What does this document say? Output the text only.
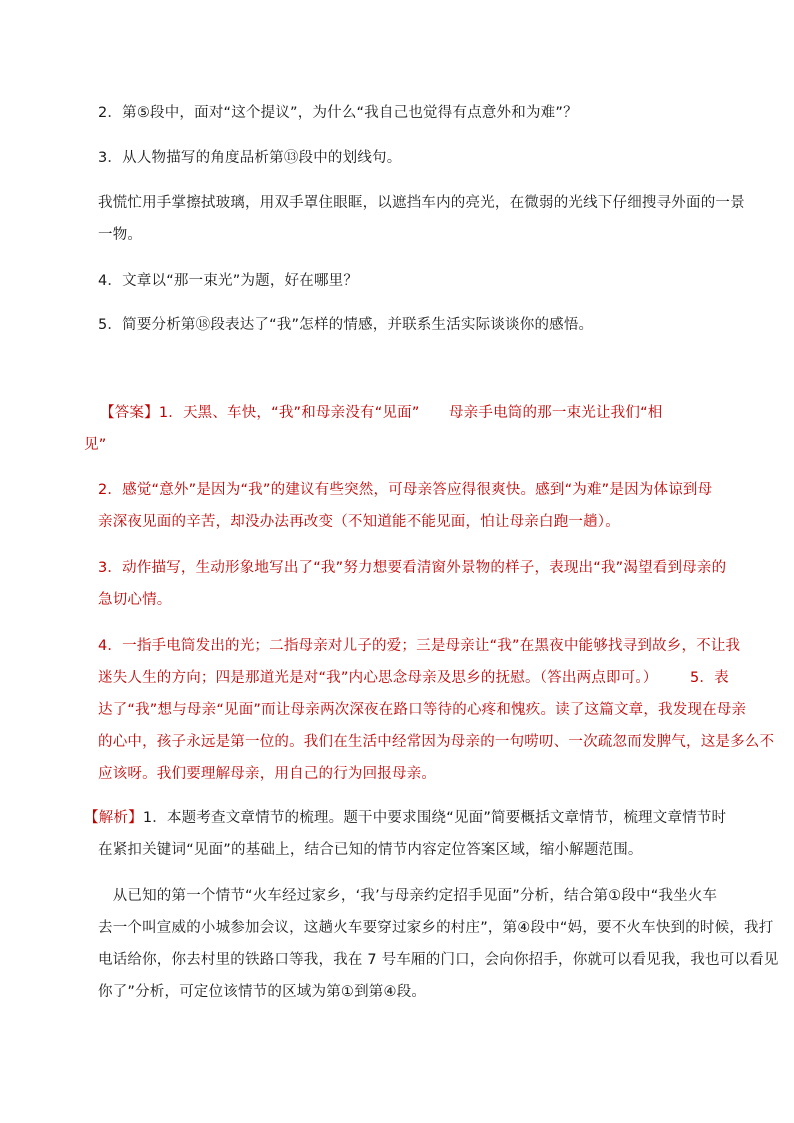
2．第⑤段中，面对“这个提议”，为什么“我自己也觉得有点意外和为难”？

3．从人物描写的角度品析第⑬段中的划线句。

我慌忙用手掌擦拭玻璃，用双手罩住眼眶，以遮挡车内的亮光，在微弱的光线下仔细搜寻外面的一景
一物。

4．文章以“那一束光”为题，好在哪里？

5．简要分析第⑱段表达了“我”怎样的情感，并联系生活实际谈谈你的感悟。

【答案】1．天黑、车快，“我”和母亲没有“见面”　　母亲手电筒的那一束光让我们“相
见”

2．感觉“意外”是因为“我”的建议有些突然，可母亲答应得很爽快。感到“为难”是因为体谅到母
亲深夜见面的辛苦，却没办法再改变（不知道能不能见面，怕让母亲白跑一趟）。

3．动作描写，生动形象地写出了“我”努力想要看清窗外景物的样子，表现出“我”渴望看到母亲的
急切心情。

4．一指手电筒发出的光；二指母亲对儿子的爱；三是母亲让“我”在黑夜中能够找寻到故乡，不让我
迷失人生的方向；四是那道光是对“我”内心思念母亲及思乡的抚慰。（答出两点即可。） 5．表
达了“我”想与母亲“见面”而让母亲两次深夜在路口等待的心疼和愧疚。读了这篇文章，我发现在母亲
的心中，孩子永远是第一位的。我们在生活中经常因为母亲的一句唠叨、一次疏忽而发脾气，这是多么不
应该呀。我们要理解母亲，用自己的行为回报母亲。

【解析】1．本题考查文章情节的梳理。题干中要求围绕“见面”简要概括文章情节，梳理文章情节时
在紧扣关键词“见面”的基础上，结合已知的情节内容定位答案区域，缩小解题范围。

　从已知的第一个情节“火车经过家乡，‘我’与母亲约定招手见面”分析，结合第①段中“我坐火车
去一个叫宣威的小城参加会议，这趟火车要穿过家乡的村庄”，第④段中“妈，要不火车快到的时候，我打
电话给你，你去村里的铁路口等我，我在 7 号车厢的门口，会向你招手，你就可以看见我，我也可以看见
你了”分析，可定位该情节的区域为第①到第④段。
